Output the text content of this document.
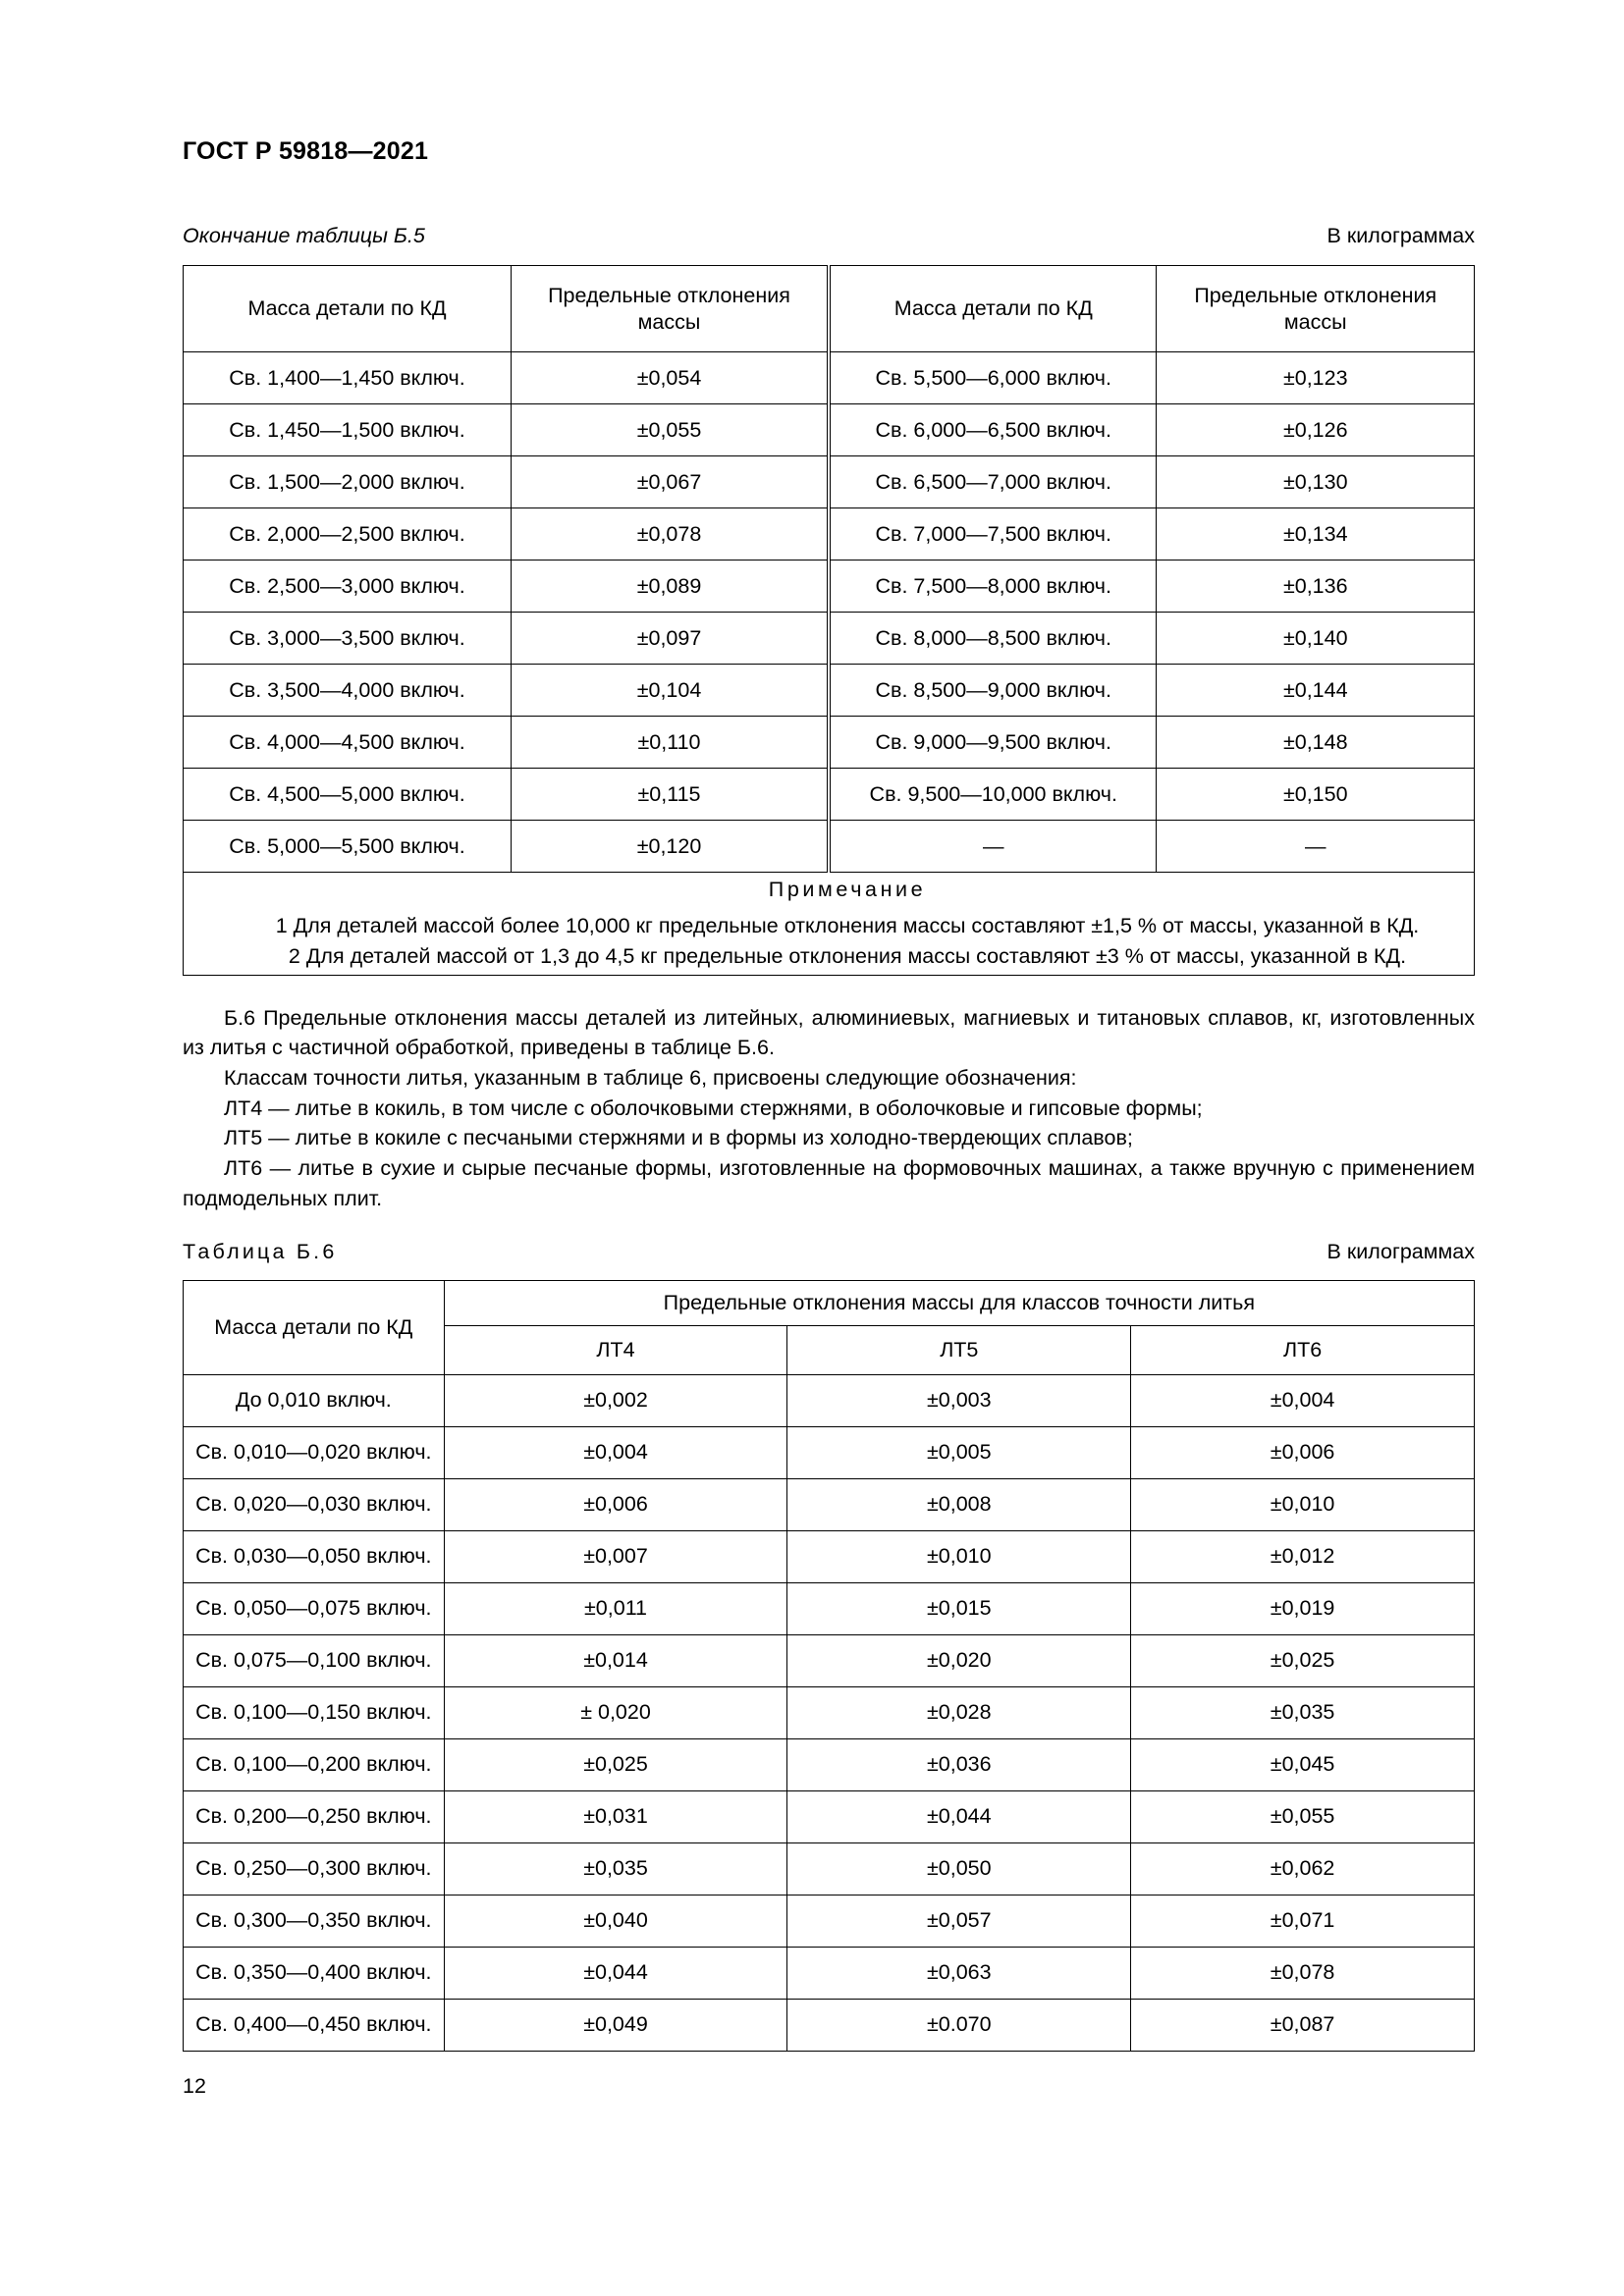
ГОСТ Р 59818—2021
Окончание таблицы Б.5	В килограммах
Масса детали по КД	Предельные отклонения массы	Масса детали по КД	Предельные отклонения массы
Св. 1,400—1,450 включ.	±0,054	Св. 5,500—6,000 включ.	±0,123
Св. 1,450—1,500 включ.	±0,055	Св. 6,000—6,500 включ.	±0,126
Св. 1,500—2,000 включ.	±0,067	Св. 6,500—7,000 включ.	±0,130
Св. 2,000—2,500 включ.	±0,078	Св. 7,000—7,500 включ.	±0,134
Св. 2,500—3,000 включ.	±0,089	Св. 7,500—8,000 включ.	±0,136
Св. 3,000—3,500 включ.	±0,097	Св. 8,000—8,500 включ.	±0,140
Св. 3,500—4,000 включ.	±0,104	Св. 8,500—9,000 включ.	±0,144
Св. 4,000—4,500 включ.	±0,110	Св. 9,000—9,500 включ.	±0,148
Св. 4,500—5,000 включ.	±0,115	Св. 9,500—10,000 включ.	±0,150
Св. 5,000—5,500 включ.	±0,120	—	—

Примечание

1 Для деталей массой более 10,000 кг предельные отклонения массы составляют ±1,5 % от массы, указанной в КД.

2 Для деталей массой от 1,3 до 4,5 кг предельные отклонения массы составляют ±3 % от массы, указанной в КД.			

Б.6 Предельные отклонения массы деталей из литейных, алюминиевых, магниевых и титановых сплавов, кг, изготовленных из литья с частичной обработкой, приведены в таблице Б.6.

Классам точности литья, указанным в таблице 6, присвоены следующие обозначения:

ЛТ4 — литье в кокиль, в том числе с оболочковыми стержнями, в оболочковые и гипсовые формы;

ЛТ5 — литье в кокиле с песчаными стержнями и в формы из холодно-твердеющих сплавов;

ЛТ6 — литье в сухие и сырые песчаные формы, изготовленные на формовочных машинах, а также вручную с применением подмодельных плит.

Таблица Б.6	В килограммах
Масса детали по КД	Предельные отклонения массы для классов точности литья		
	ЛТ4	ЛТ5	ЛТ6
До 0,010 включ.	±0,002	±0,003	±0,004
Св. 0,010—0,020 включ.	±0,004	±0,005	±0,006
Св. 0,020—0,030 включ.	±0,006	±0,008	±0,010
Св. 0,030—0,050 включ.	±0,007	±0,010	±0,012
Св. 0,050—0,075 включ.	±0,011	±0,015	±0,019
Св. 0,075—0,100 включ.	±0,014	±0,020	±0,025
Св. 0,100—0,150 включ.	± 0,020	±0,028	±0,035
Св. 0,100—0,200 включ.	±0,025	±0,036	±0,045
Св. 0,200—0,250 включ.	±0,031	±0,044	±0,055
Св. 0,250—0,300 включ.	±0,035	±0,050	±0,062
Св. 0,300—0,350 включ.	±0,040	±0,057	±0,071
Св. 0,350—0,400 включ.	±0,044	±0,063	±0,078
Св. 0,400—0,450 включ.	±0,049	±0.070	±0,087
12
